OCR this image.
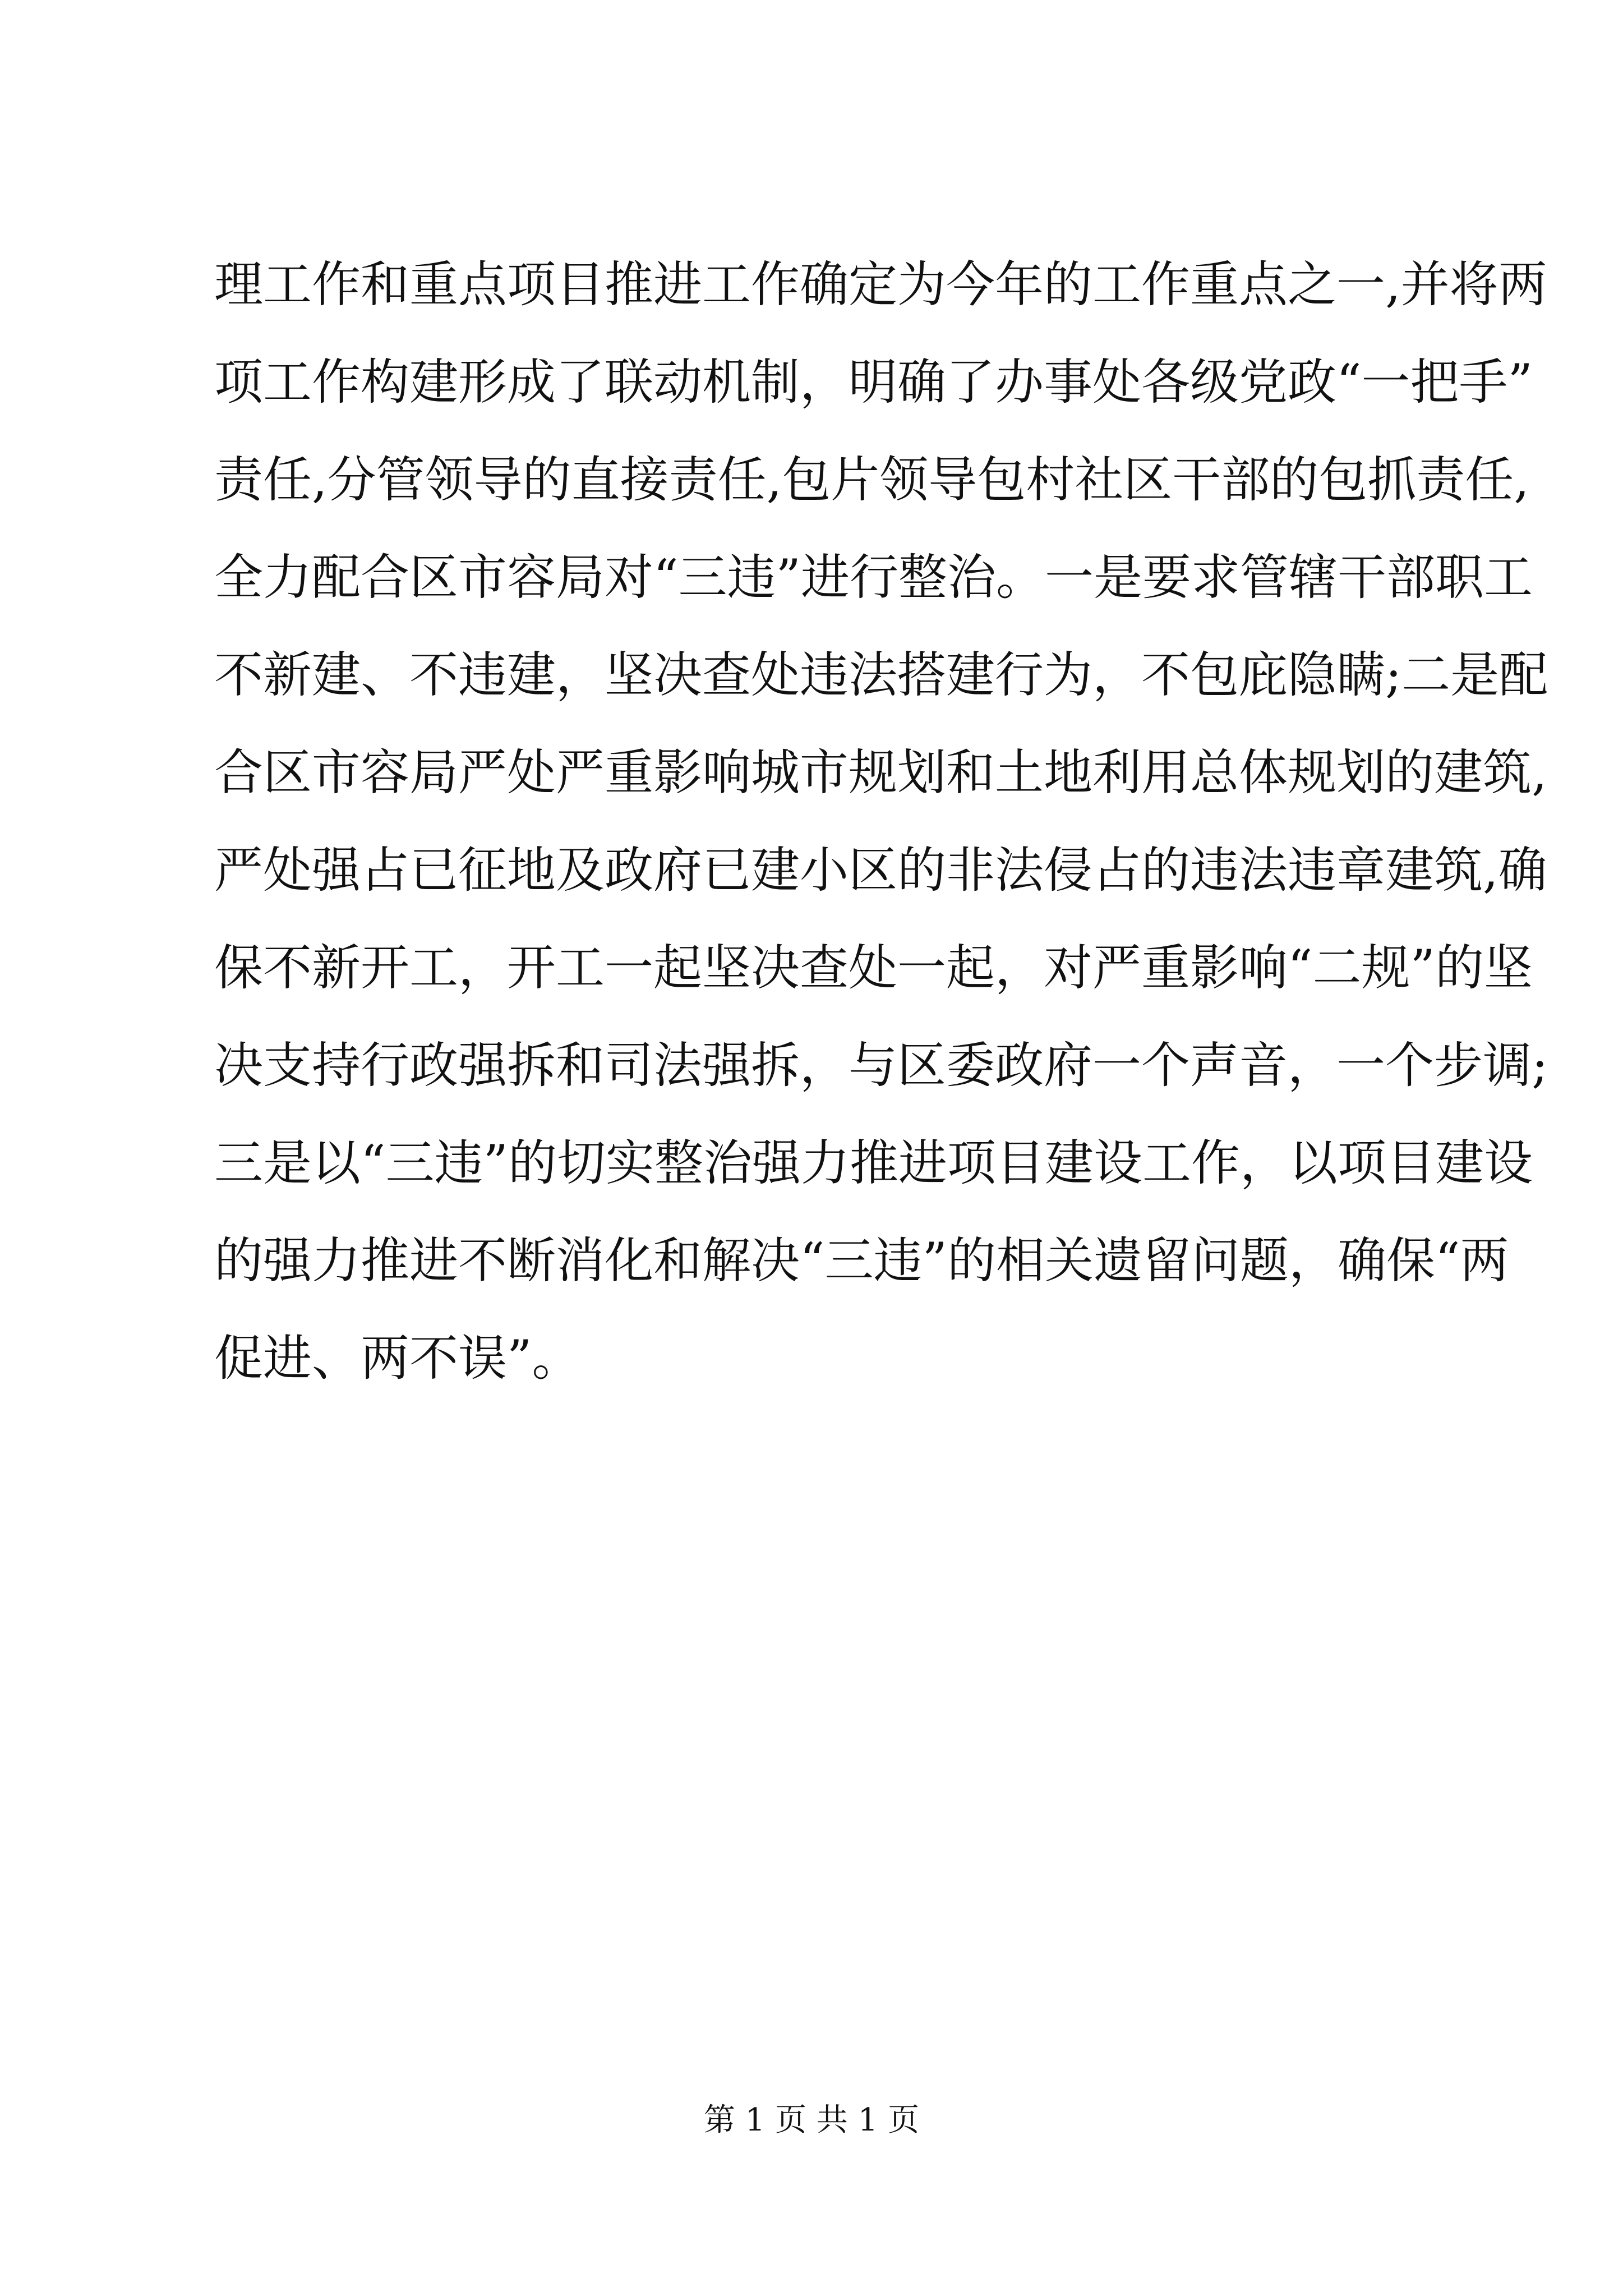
理工作和重点项目推进工作确定为今年的工作重点之一,并将两
项工作构建形成了联动机制，明确了办事处各级党政“一把手”
责任,分管领导的直接责任,包片领导包村社区干部的包抓责任,
全力配合区市容局对“三违”进行整治。一是要求管辖干部职工
不新建、不违建，坚决查处违法搭建行为，不包庇隐瞒;二是配
合区市容局严处严重影响城市规划和土地利用总体规划的建筑,
严处强占已征地及政府已建小区的非法侵占的违法违章建筑,确
保不新开工，开工一起坚决查处一起，对严重影响“二规”的坚
决支持行政强拆和司法强拆，与区委政府一个声音，一个步调;
三是以“三违”的切实整治强力推进项目建设工作，以项目建设
的强力推进不断消化和解决“三违”的相关遗留问题，确保“两
促进、两不误”。
第 1 页 共 1 页
